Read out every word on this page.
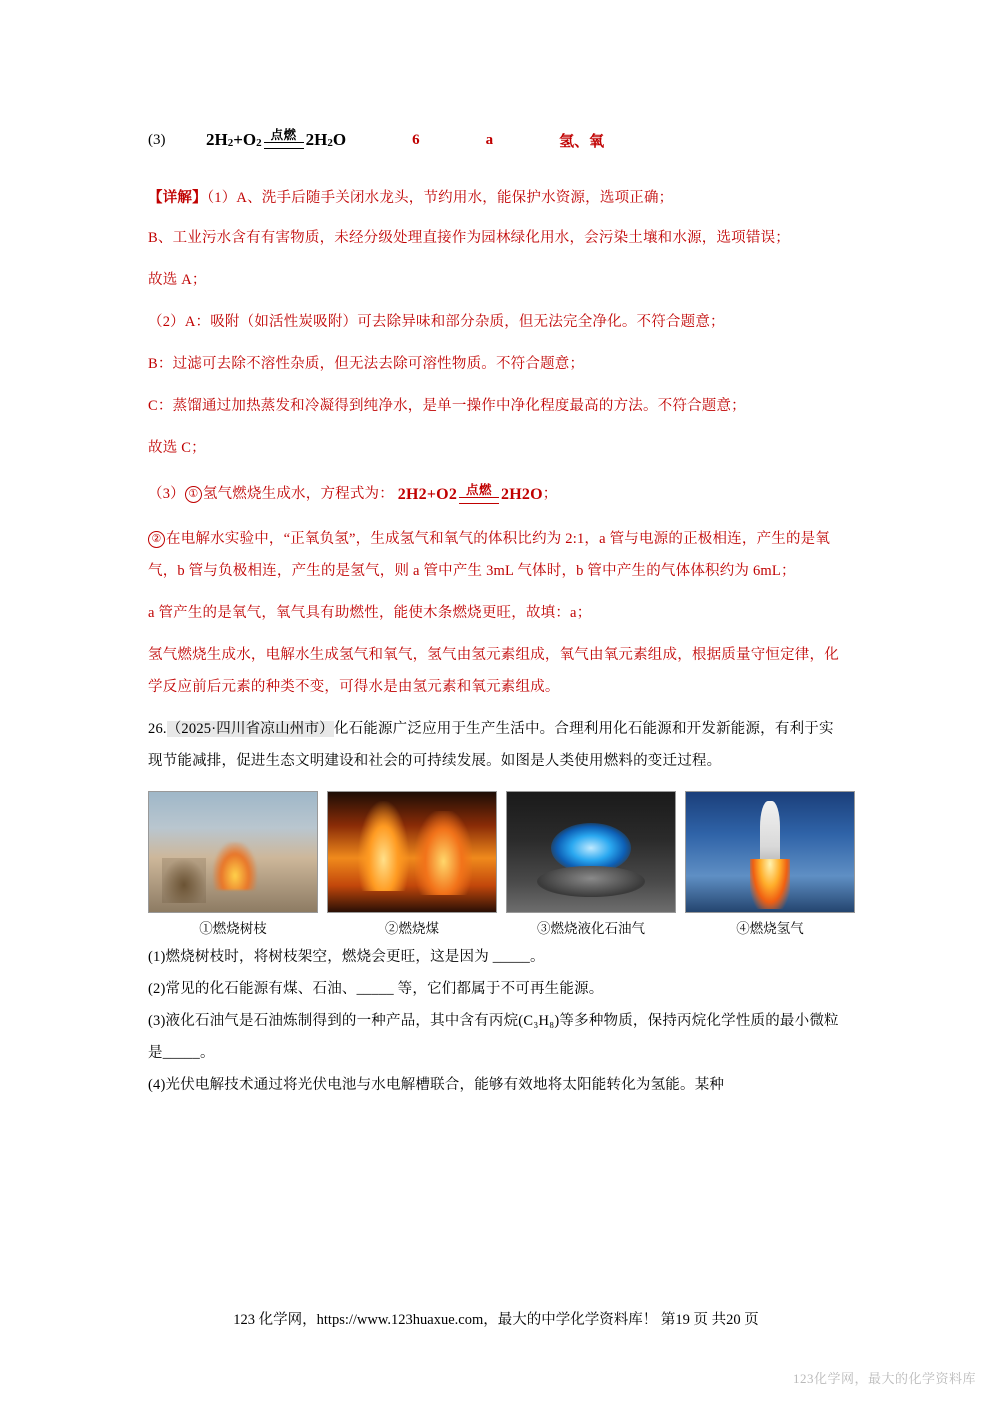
(3)	2H 2 +O 2
点燃 2H 2 O	6	a	氢、氧

【详解】（1）A、洗手后随手关闭水龙头，节约用水，能保护水资源，选项正确；

B、工业污水含有有害物质，未经分级处理直接作为园林绿化用水，会污染土壤和水源，选项错误；

故选 A；

（2）A：吸附（如活性炭吸附）可去除异味和部分杂质，但无法完全净化。不符合题意；

B：过滤可去除不溶性杂质，但无法去除可溶性物质。不符合题意；

C：蒸馏通过加热蒸发和冷凝得到纯净水，是单一操作中净化程度最高的方法。不符合题意；

故选 C；

（3） ① 氢气燃烧生成水，方程式为： 2H 2 +O 2 点燃 2H 2 O ；

② 在电解水实验中，“正氧负氢”，生成氢气和氧气的体积比约为 2:1，a 管与电源的正极相连，产生的是氧气，b 管与负极相连，产生的是氢气，则 a 管中产生 3mL 气体时，b 管中产生的气体体积约为 6mL；

a 管产生的是氧气，氧气具有助燃性，能使木条燃烧更旺，故填：a；

氢气燃烧生成水，电解水生成氢气和氧气，氢气由氢元素组成，氧气由氧元素组成，根据质量守恒定律，化学反应前后元素的种类不变，可得水是由氢元素和氧元素组成。

26.（2025·四川省凉山州市）化石能源广泛应用于生产生活中。合理利用化石能源和开发新能源，有利于实现节能减排，促进生态文明建设和社会的可持续发展。如图是人类使用燃料的变迁过程。

①燃烧树枝	②燃烧煤	③燃烧液化石油气	④燃烧氢气

(1)燃烧树枝时，将树枝架空，燃烧会更旺，这是因为 _____。

(2)常见的化石能源有煤、石油、_____ 等，它们都属于不可再生能源。

(3)液化石油气是石油炼制得到的一种产品，其中含有丙烷(C₃H₈)等多种物质，保持丙烷化学性质的最小微粒是_____。

(4)光伏电解技术通过将光伏电池与水电解槽联合，能够有效地将太阳能转化为氢能。某种

123 化学网，https://www.123huaxue.com，最大的中学化学资料库！ 第19 页 共20 页
123化学网，最大的化学资料库
